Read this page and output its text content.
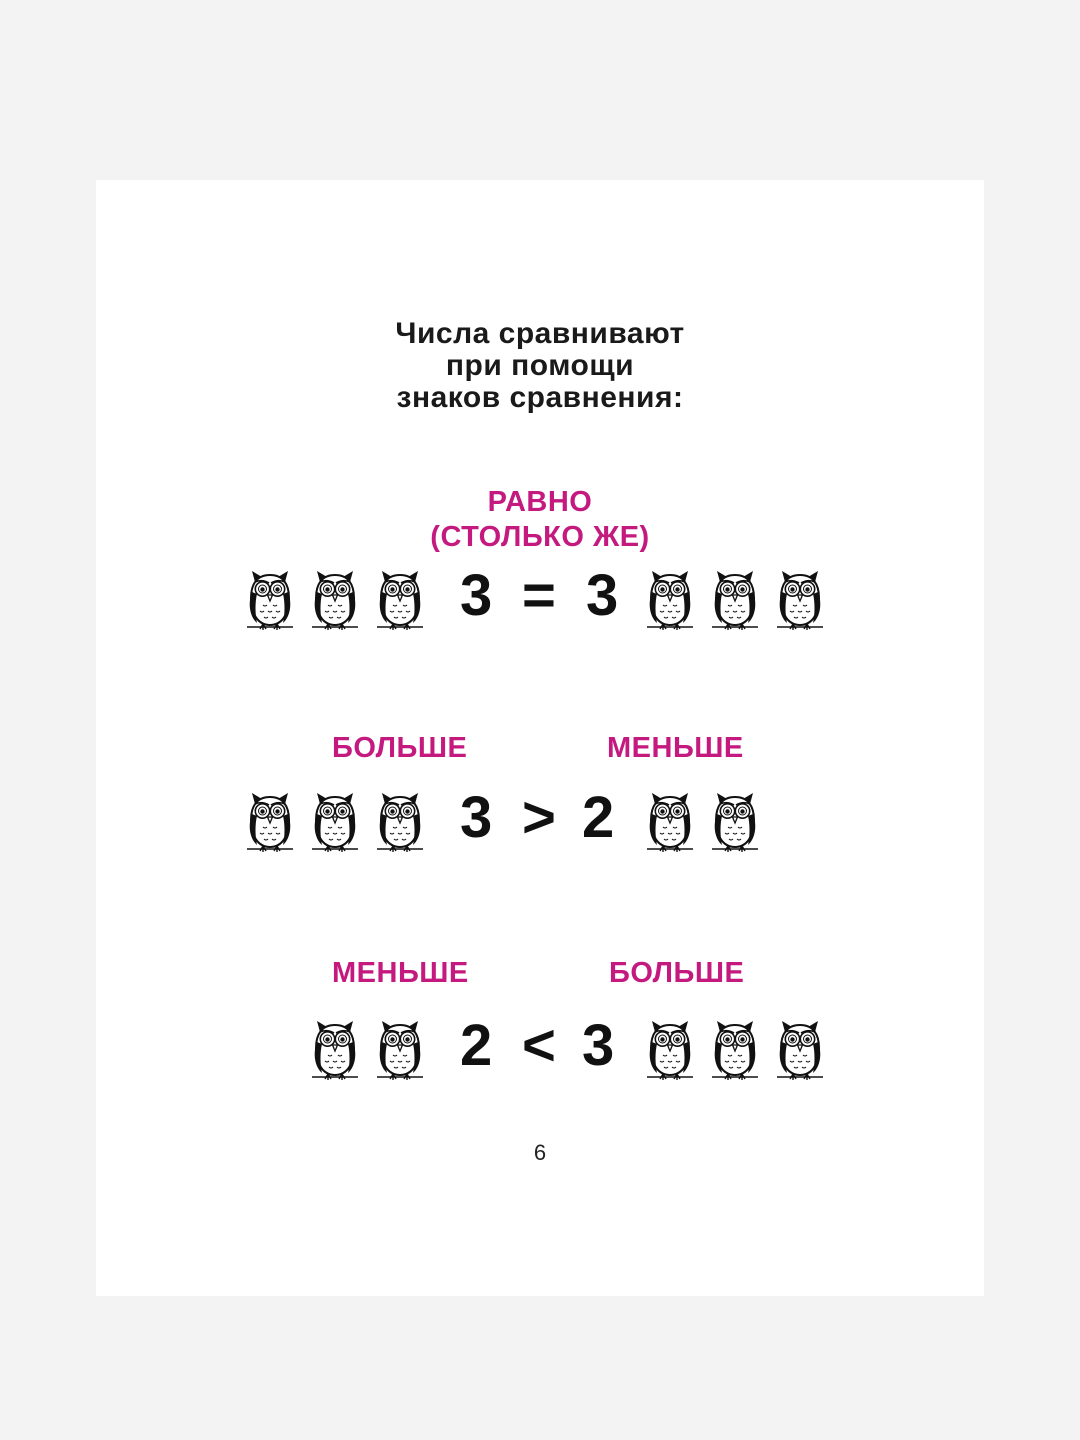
Числа сравнивают
при помощи
знаков сравнения:
РАВНО
(СТОЛЬКО ЖЕ)
3 = 3
БОЛЬШЕ	МЕНЬШЕ
3 > 2
МЕНЬШЕ	БОЛЬШЕ
2 < 3
6
